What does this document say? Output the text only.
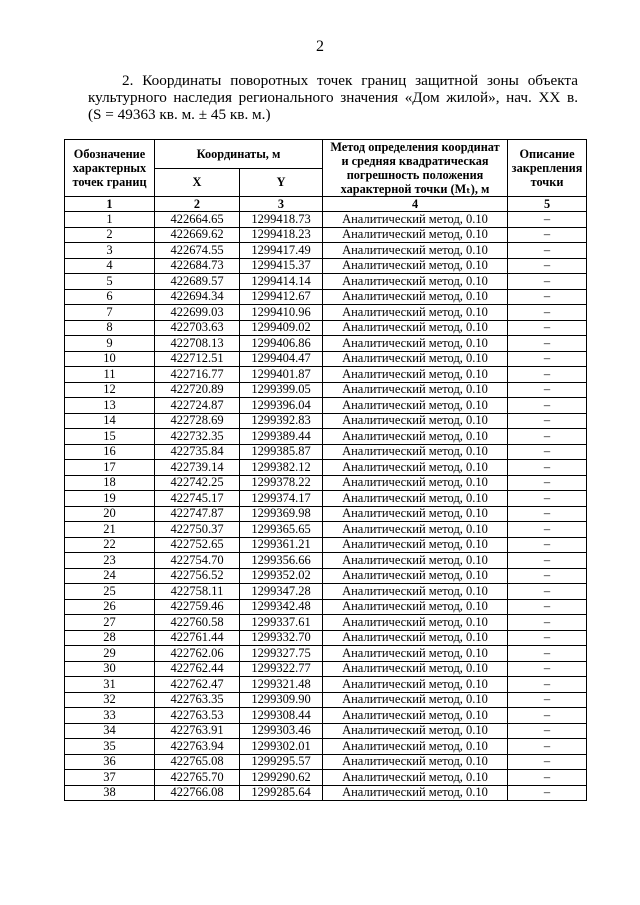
2

2. Координаты поворотных точек границ защитной зоны объекта

культурного наследия регионального значения «Дом жилой», нач. XX в.

(S = 49363 кв. м. ± 45 кв. м.)

Обозначение характерных точек границ	Координаты, м		Метод определения координат и средняя квадратическая погрешность положения характерной точки (Mₜ), м	Описание закрепления точки
	X	Y		
1	2	3	4	5
1	422664.65	1299418.73	Аналитический метод, 0.10	–
2	422669.62	1299418.23	Аналитический метод, 0.10	–
3	422674.55	1299417.49	Аналитический метод, 0.10	–
4	422684.73	1299415.37	Аналитический метод, 0.10	–
5	422689.57	1299414.14	Аналитический метод, 0.10	–
6	422694.34	1299412.67	Аналитический метод, 0.10	–
7	422699.03	1299410.96	Аналитический метод, 0.10	–
8	422703.63	1299409.02	Аналитический метод, 0.10	–
9	422708.13	1299406.86	Аналитический метод, 0.10	–
10	422712.51	1299404.47	Аналитический метод, 0.10	–
11	422716.77	1299401.87	Аналитический метод, 0.10	–
12	422720.89	1299399.05	Аналитический метод, 0.10	–
13	422724.87	1299396.04	Аналитический метод, 0.10	–
14	422728.69	1299392.83	Аналитический метод, 0.10	–
15	422732.35	1299389.44	Аналитический метод, 0.10	–
16	422735.84	1299385.87	Аналитический метод, 0.10	–
17	422739.14	1299382.12	Аналитический метод, 0.10	–
18	422742.25	1299378.22	Аналитический метод, 0.10	–
19	422745.17	1299374.17	Аналитический метод, 0.10	–
20	422747.87	1299369.98	Аналитический метод, 0.10	–
21	422750.37	1299365.65	Аналитический метод, 0.10	–
22	422752.65	1299361.21	Аналитический метод, 0.10	–
23	422754.70	1299356.66	Аналитический метод, 0.10	–
24	422756.52	1299352.02	Аналитический метод, 0.10	–
25	422758.11	1299347.28	Аналитический метод, 0.10	–
26	422759.46	1299342.48	Аналитический метод, 0.10	–
27	422760.58	1299337.61	Аналитический метод, 0.10	–
28	422761.44	1299332.70	Аналитический метод, 0.10	–
29	422762.06	1299327.75	Аналитический метод, 0.10	–
30	422762.44	1299322.77	Аналитический метод, 0.10	–
31	422762.47	1299321.48	Аналитический метод, 0.10	–
32	422763.35	1299309.90	Аналитический метод, 0.10	–
33	422763.53	1299308.44	Аналитический метод, 0.10	–
34	422763.91	1299303.46	Аналитический метод, 0.10	–
35	422763.94	1299302.01	Аналитический метод, 0.10	–
36	422765.08	1299295.57	Аналитический метод, 0.10	–
37	422765.70	1299290.62	Аналитический метод, 0.10	–
38	422766.08	1299285.64	Аналитический метод, 0.10	–
